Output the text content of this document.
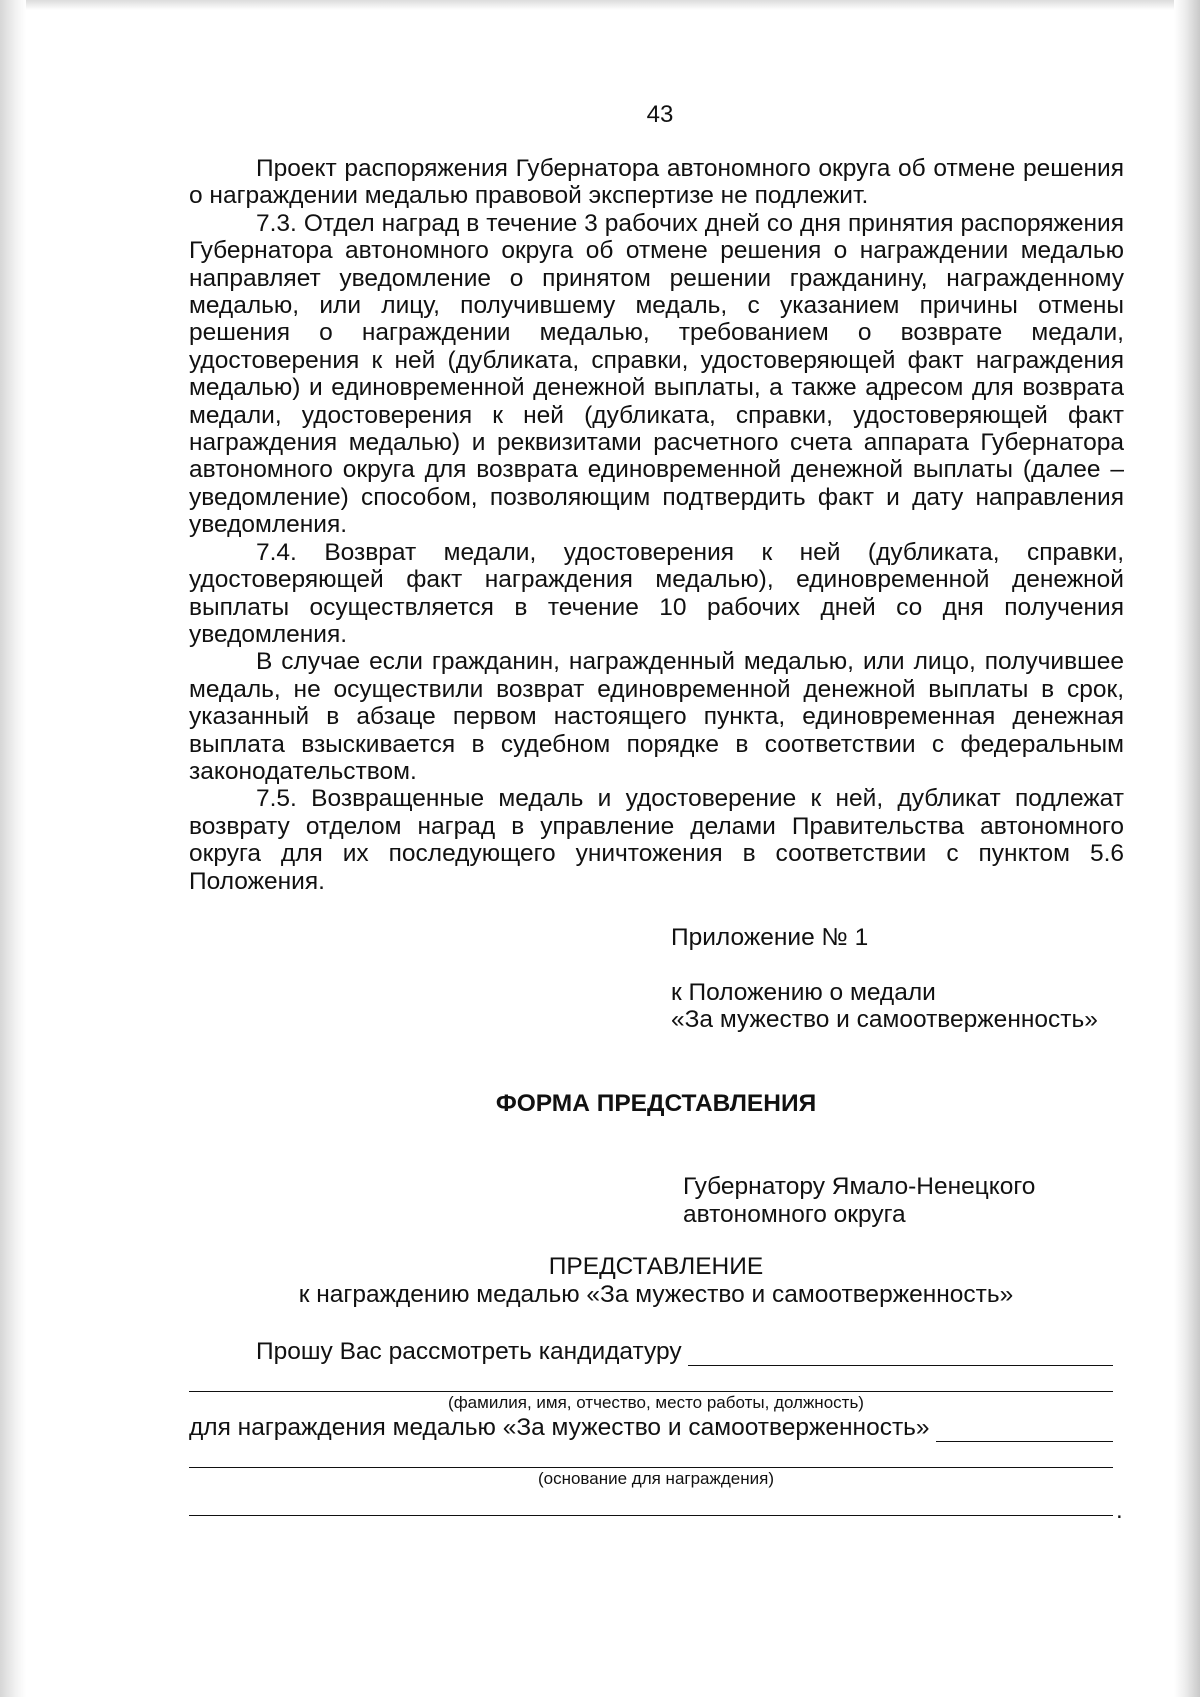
43

Проект распоряжения Губернатора автономного округа об отмене решения о награждении медалью правовой экспертизе не подлежит.

7.3. Отдел наград в течение 3 рабочих дней со дня принятия распоряжения Губернатора автономного округа об отмене решения о награждении медалью направляет уведомление о принятом решении гражданину, награжденному медалью, или лицу, получившему медаль, с указанием причины отмены решения о награждении медалью, требованием о возврате медали, удостоверения к ней (дубликата, справки, удостоверяющей факт награждения медалью) и единовременной денежной выплаты, а также адресом для возврата медали, удостоверения к ней (дубликата, справки, удостоверяющей факт награждения медалью) и реквизитами расчетного счета аппарата Губернатора автономного округа для возврата единовременной денежной выплаты (далее – уведомление) способом, позволяющим подтвердить факт и дату направления уведомления.

7.4. Возврат медали, удостоверения к ней (дубликата, справки, удостоверяющей факт награждения медалью), единовременной денежной выплаты осуществляется в течение 10 рабочих дней со дня получения уведомления.

В случае если гражданин, награжденный медалью, или лицо, получившее медаль, не осуществили возврат единовременной денежной выплаты в срок, указанный в абзаце первом настоящего пункта, единовременная денежная выплата взыскивается в судебном порядке в соответствии с федеральным законодательством.

7.5. Возвращенные медаль и удостоверение к ней, дубликат подлежат возврату отделом наград в управление делами Правительства автономного округа для их последующего уничтожения в соответствии с пунктом 5.6 Положения.

Приложение № 1
к Положению о медали
«За мужество и самоотверженность»
ФОРМА ПРЕДСТАВЛЕНИЯ
Губернатору Ямало-Ненецкого
автономного округа
ПРЕДСТАВЛЕНИЕ
к награждению медалью «За мужество и самоотверженность»
Прошу Вас рассмотреть кандидатуру
(фамилия, имя, отчество, место работы, должность)
для награждения медалью «За мужество и самоотверженность»
(основание для награждения)
.
